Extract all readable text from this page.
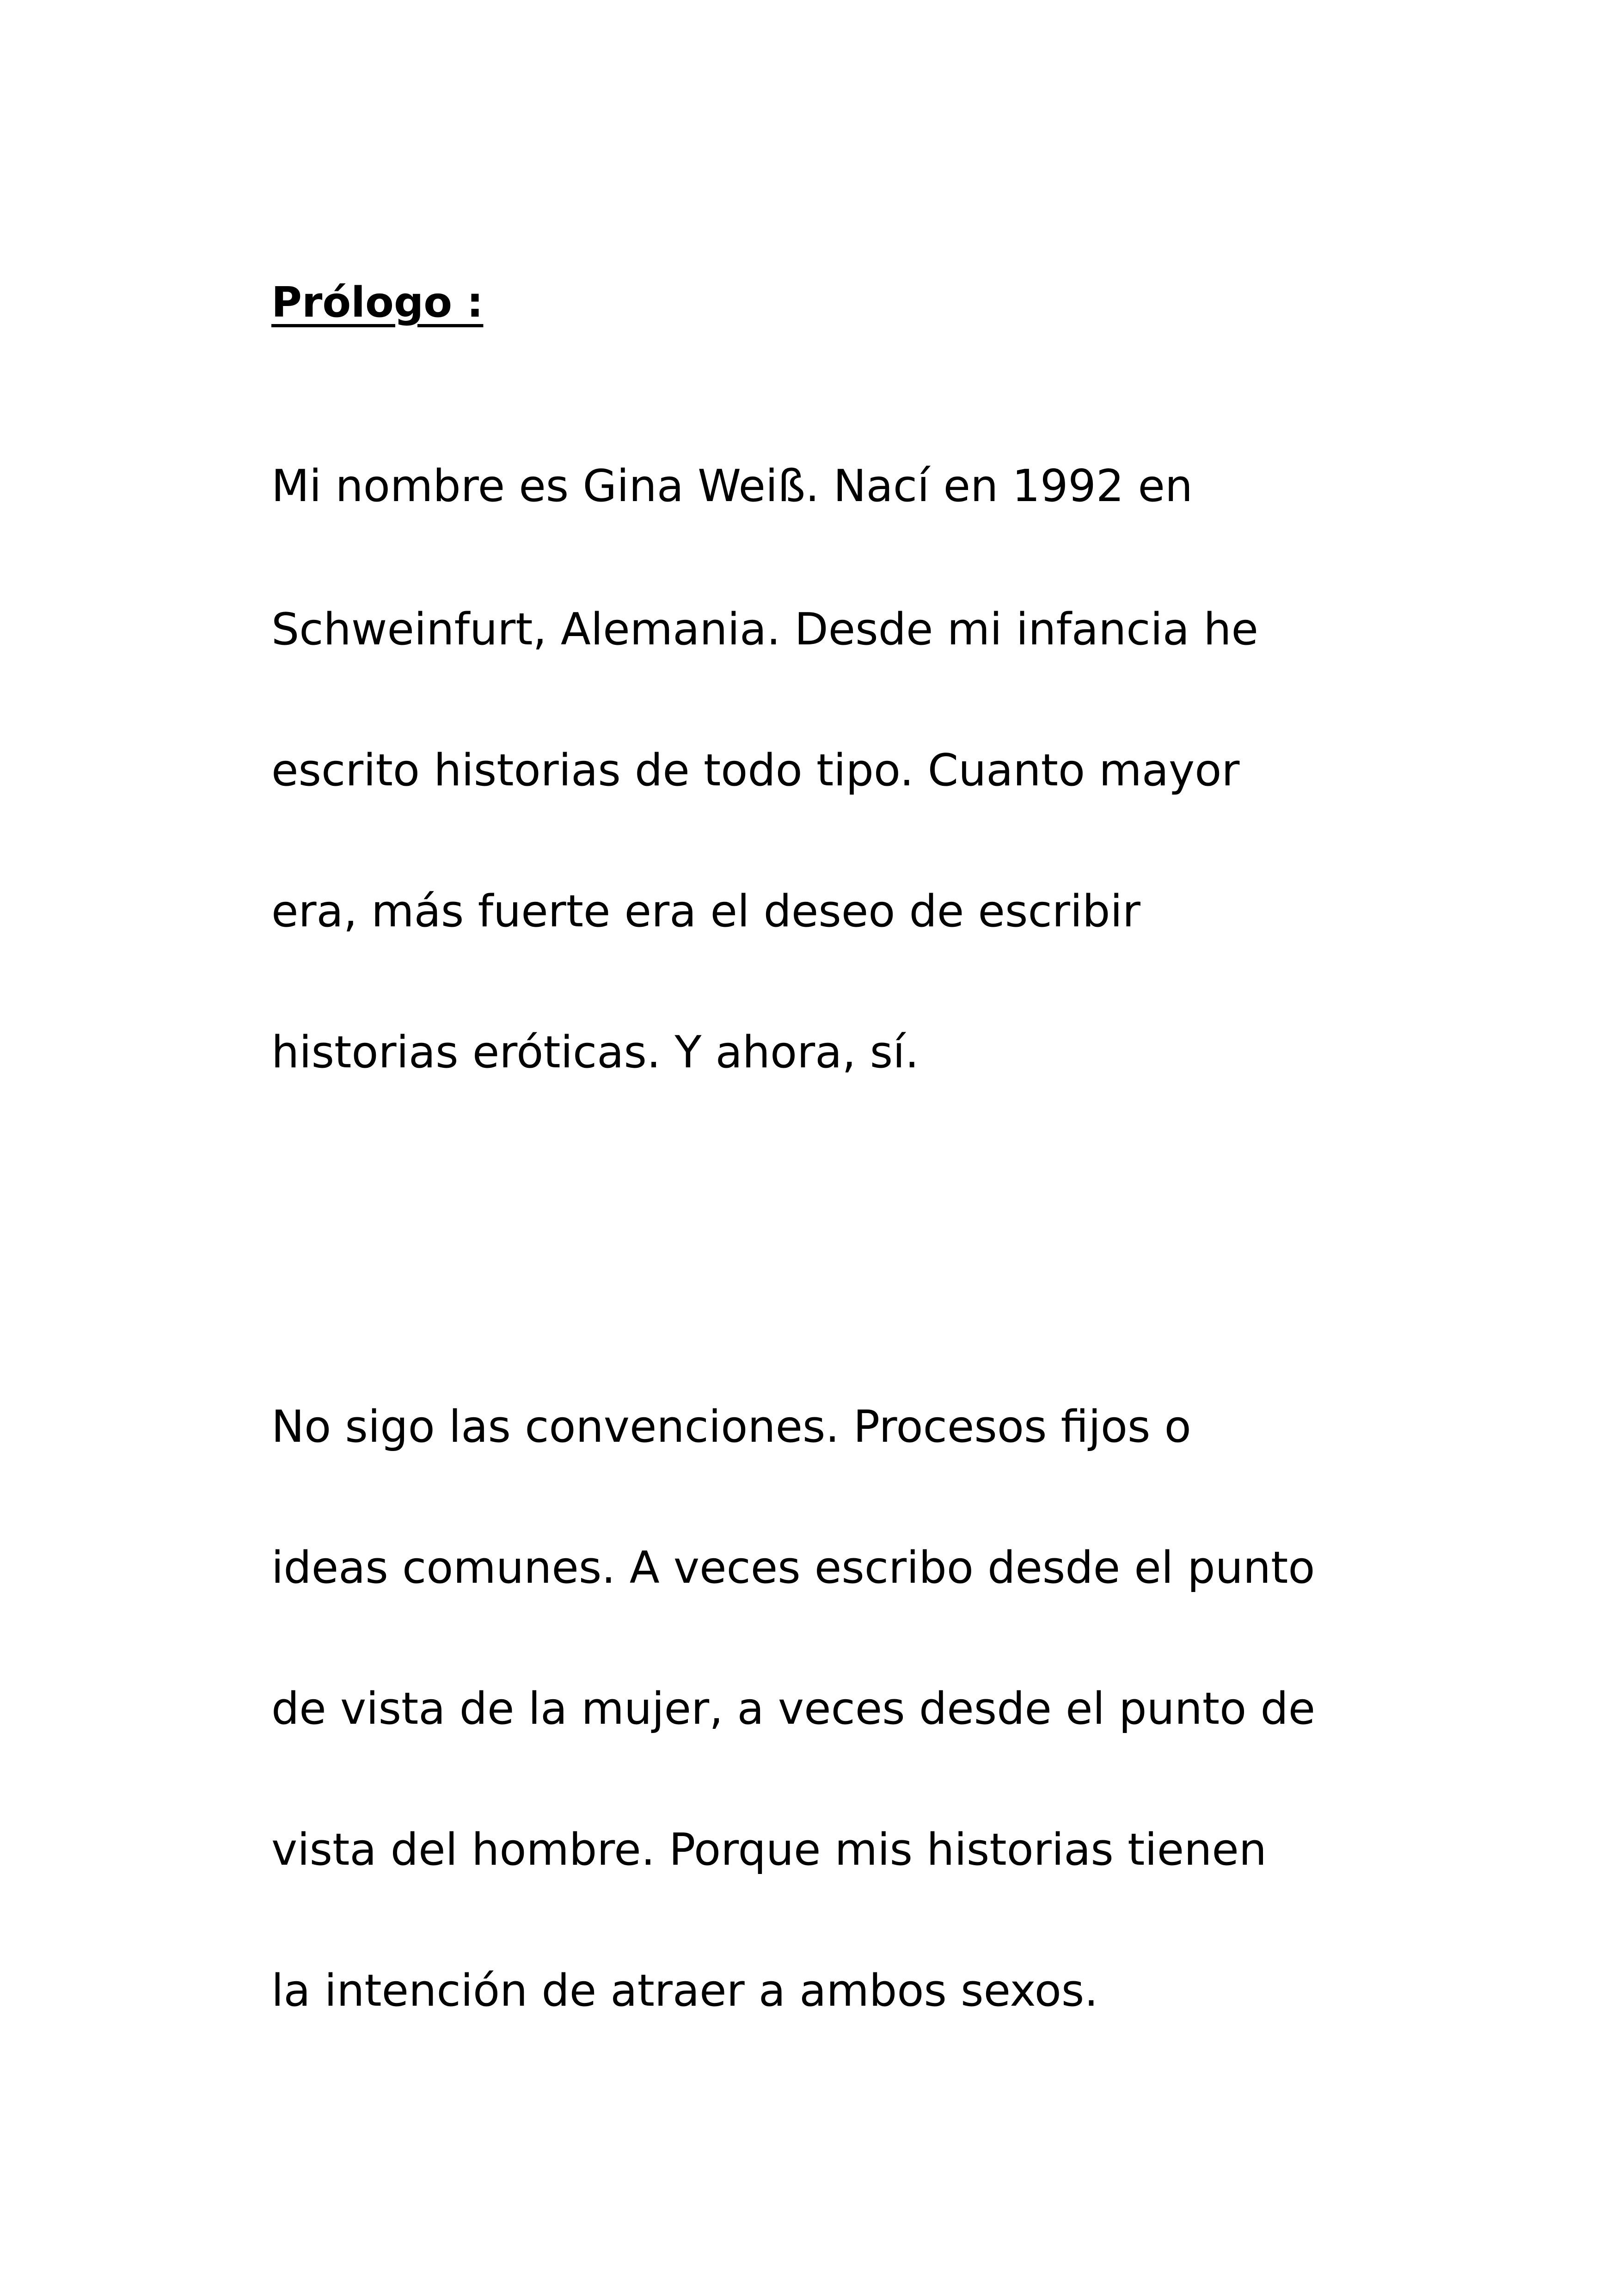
Prólogo :
Mi nombre es Gina Weiß. Nací en 1992 en
Schweinfurt, Alemania. Desde mi infancia he
escrito historias de todo tipo. Cuanto mayor
era, más fuerte era el deseo de escribir
historias eróticas. Y ahora, sí.
No sigo las convenciones. Procesos fijos o
ideas comunes. A veces escribo desde el punto
de vista de la mujer, a veces desde el punto de
vista del hombre. Porque mis historias tienen
la intención de atraer a ambos sexos.
